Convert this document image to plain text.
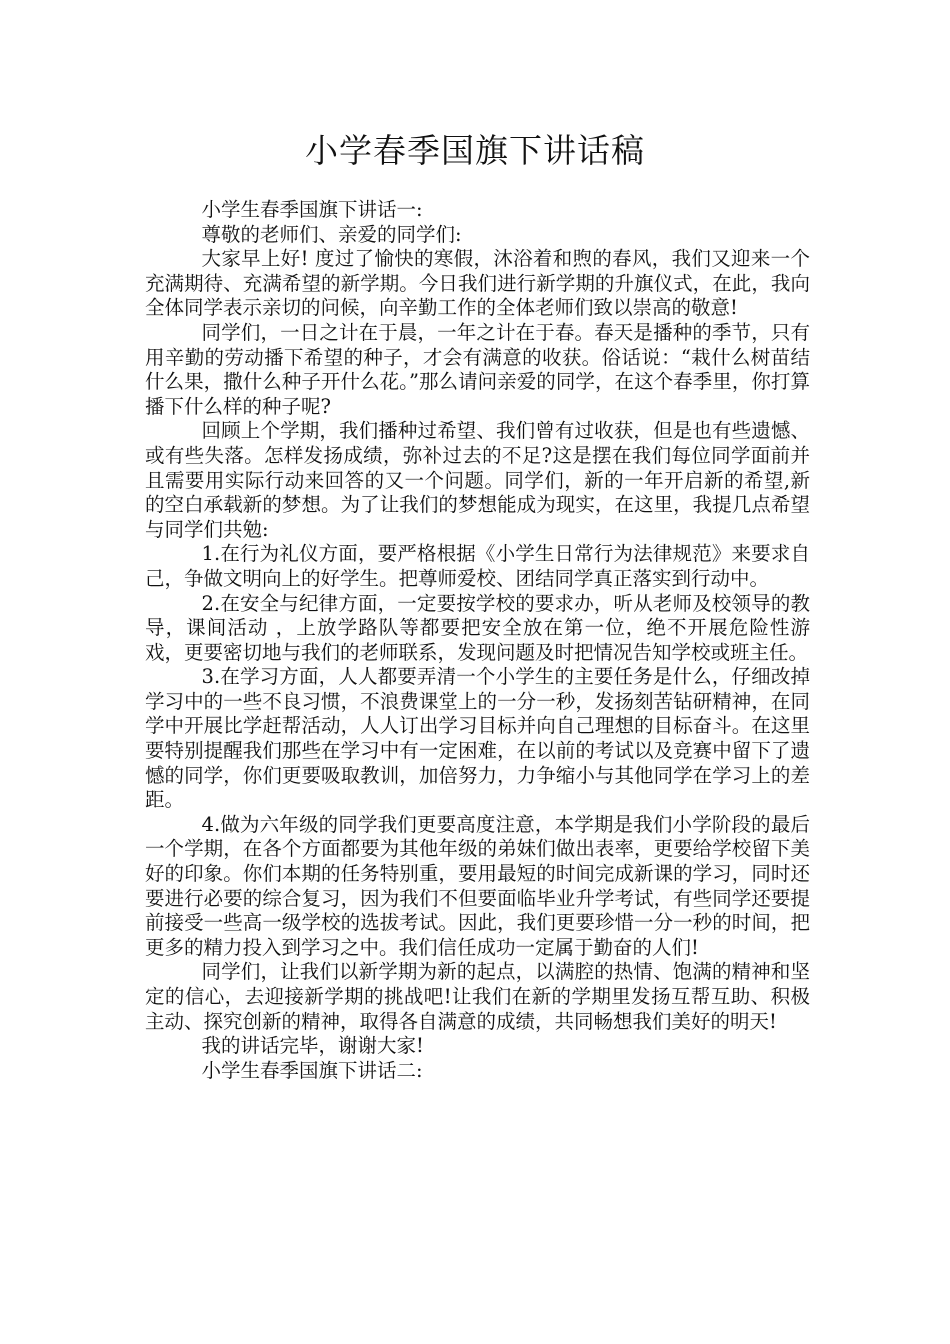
小学春季国旗下讲话稿

小学生春季国旗下讲话一:

尊敬的老师们、亲爱的同学们:

大家早上好! 度过了愉快的寒假，沐浴着和煦的春风，我们又迎来一个充满期待、充满希望的新学期。今日我们进行新学期的升旗仪式，在此，我向全体同学表示亲切的问候，向辛勤工作的全体老师们致以崇高的敬意!

同学们，一日之计在于晨，一年之计在于春。春天是播种的季节，只有用辛勤的劳动播下希望的种子，才会有满意的收获。俗话说：“栽什么树苗结什么果，撒什么种子开什么花。”那么请问亲爱的同学，在这个春季里，你打算播下什么样的种子呢?

回顾上个学期，我们播种过希望、我们曾有过收获，但是也有些遗憾、或有些失落。怎样发扬成绩，弥补过去的不足?这是摆在我们每位同学面前并且需要用实际行动来回答的又一个问题。同学们，新的一年开启新的希望,新的空白承载新的梦想。为了让我们的梦想能成为现实，在这里，我提几点希望与同学们共勉:

1.在行为礼仪方面，要严格根据《小学生日常行为法律规范》来要求自己，争做文明向上的好学生。把尊师爱校、团结同学真正落实到行动中。

2.在安全与纪律方面，一定要按学校的要求办，听从老师及校领导的教导，课间活动 ，上放学路队等都要把安全放在第一位，绝不开展危险性游戏，更要密切地与我们的老师联系，发现问题及时把情况告知学校或班主任。

3.在学习方面，人人都要弄清一个小学生的主要任务是什么，仔细改掉学习中的一些不良习惯，不浪费课堂上的一分一秒，发扬刻苦钻研精神，在同学中开展比学赶帮活动，人人订出学习目标并向自己理想的目标奋斗。在这里要特别提醒我们那些在学习中有一定困难，在以前的考试以及竞赛中留下了遗憾的同学，你们更要吸取教训，加倍努力，力争缩小与其他同学在学习上的差距。

4.做为六年级的同学我们更要高度注意，本学期是我们小学阶段的最后一个学期，在各个方面都要为其他年级的弟妹们做出表率，更要给学校留下美好的印象。你们本期的任务特别重，要用最短的时间完成新课的学习，同时还要进行必要的综合复习，因为我们不但要面临毕业升学考试，有些同学还要提前接受一些高一级学校的选拔考试。因此，我们更要珍惜一分一秒的时间，把更多的精力投入到学习之中。我们信任成功一定属于勤奋的人们!

同学们，让我们以新学期为新的起点，以满腔的热情、饱满的精神和坚定的信心，去迎接新学期的挑战吧!让我们在新的学期里发扬互帮互助、积极主动、探究创新的精神，取得各自满意的成绩，共同畅想我们美好的明天!

我的讲话完毕，谢谢大家!

小学生春季国旗下讲话二:
